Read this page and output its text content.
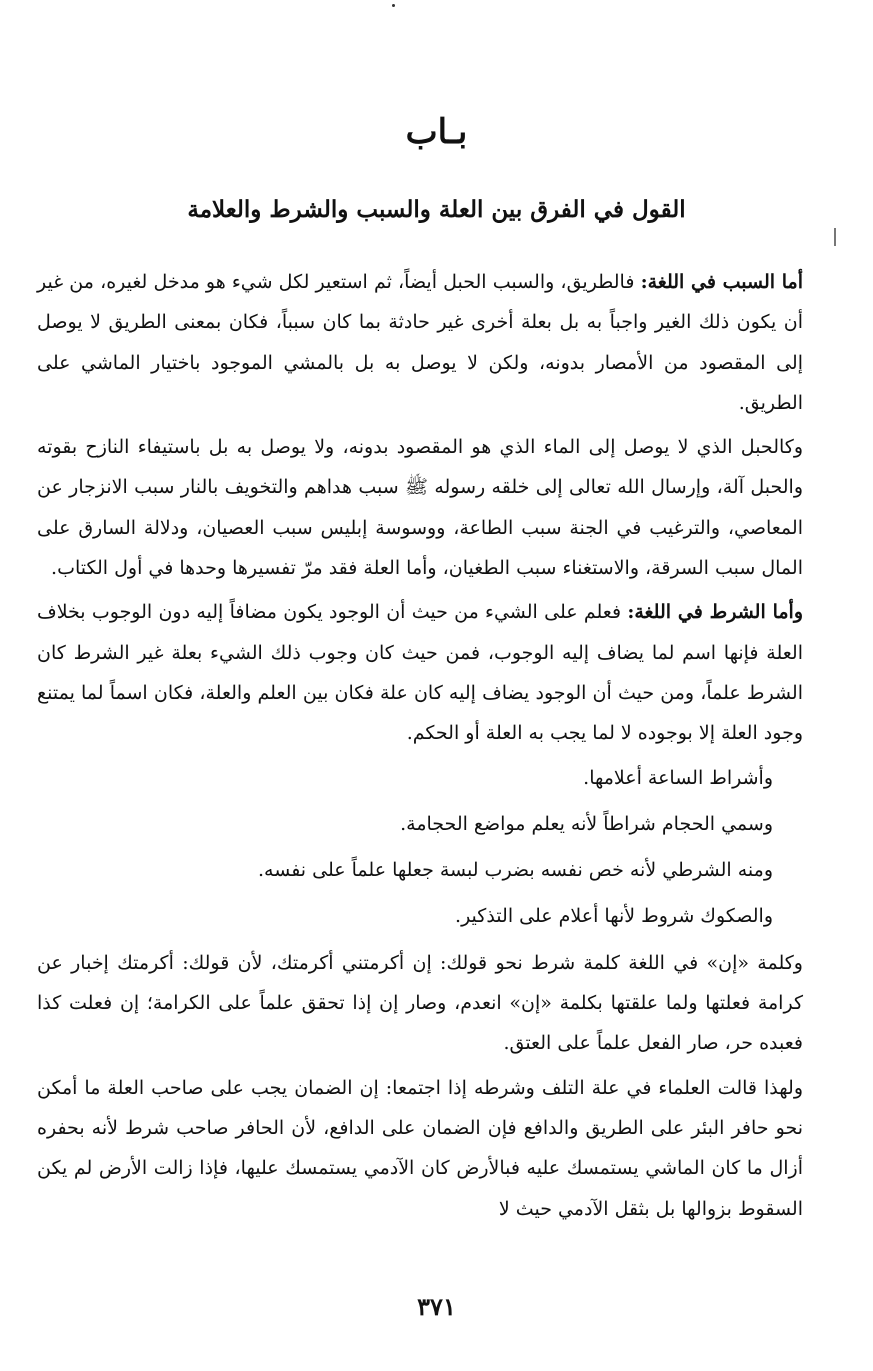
بـاب
القول في الفرق بين العلة والسبب والشرط والعلامة

أما السبب في اللغة: فالطريق، والسبب الحبل أيضاً، ثم استعير لكل شيء هو مدخل لغيره، من غير أن يكون ذلك الغير واجباً به بل بعلة أخرى غير حادثة بما كان سبباً، فكان بمعنى الطريق لا يوصل إلى المقصود من الأمصار بدونه، ولكن لا يوصل به بل بالمشي الموجود باختيار الماشي على الطريق.

وكالحبل الذي لا يوصل إلى الماء الذي هو المقصود بدونه، ولا يوصل به بل باستيفاء النازح بقوته والحبل آلة، وإرسال الله تعالى إلى خلقه رسوله ﷺ سبب هداهم والتخويف بالنار سبب الانزجار عن المعاصي، والترغيب في الجنة سبب الطاعة، ووسوسة إبليس سبب العصيان، ودلالة السارق على المال سبب السرقة، والاستغناء سبب الطغيان، وأما العلة فقد مرّ تفسيرها وحدها في أول الكتاب.

وأما الشرط في اللغة: فعلم على الشيء من حيث أن الوجود يكون مضافاً إليه دون الوجوب بخلاف العلة فإنها اسم لما يضاف إليه الوجوب، فمن حيث كان وجوب ذلك الشيء بعلة غير الشرط كان الشرط علماً، ومن حيث أن الوجود يضاف إليه كان علة فكان بين العلم والعلة، فكان اسماً لما يمتنع وجود العلة إلا بوجوده لا لما يجب به العلة أو الحكم.

وأشراط الساعة أعلامها.

وسمي الحجام شراطاً لأنه يعلم مواضع الحجامة.

ومنه الشرطي لأنه خص نفسه بضرب لبسة جعلها علماً على نفسه.

والصكوك شروط لأنها أعلام على التذكير.

وكلمة «إن» في اللغة كلمة شرط نحو قولك: إن أكرمتني أكرمتك، لأن قولك: أكرمتك إخبار عن كرامة فعلتها ولما علقتها بكلمة «إن» انعدم، وصار إن إذا تحقق علماً على الكرامة؛ إن فعلت كذا فعبده حر، صار الفعل علماً على العتق.

ولهذا قالت العلماء في علة التلف وشرطه إذا اجتمعا: إن الضمان يجب على صاحب العلة ما أمكن نحو حافر البئر على الطريق والدافع فإن الضمان على الدافع، لأن الحافر صاحب شرط لأنه بحفره أزال ما كان الماشي يستمسك عليه فبالأرض كان الآدمي يستمسك عليها، فإذا زالت الأرض لم يكن السقوط بزوالها بل بثقل الآدمي حيث لا

٣٧١
